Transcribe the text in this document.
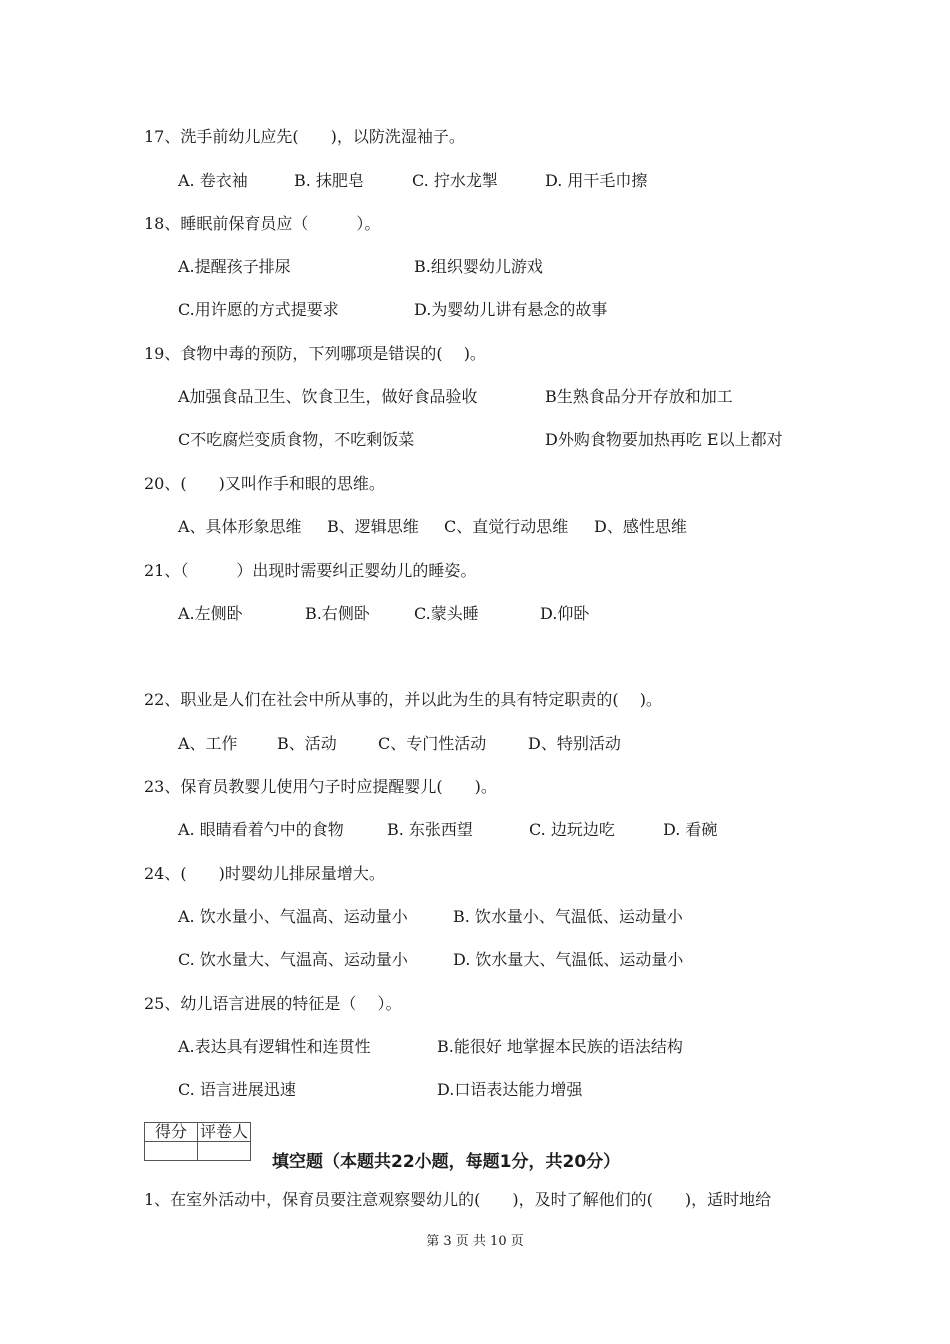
17、洗手前幼儿应先(　　)，以防洗湿袖子。
A. 卷衣袖	B. 抹肥皂	C. 拧水龙掣	D. 用干毛巾擦
18、睡眠前保育员应（　　　）。
A.提醒孩子排尿	B.组织婴幼儿游戏
C.用许愿的方式提要求	D.为婴幼儿讲有悬念的故事
19、食物中毒的预防，下列哪项是错误的(　 )。
A加强食品卫生、饮食卫生，做好食品验收	B生熟食品分开存放和加工
C不吃腐烂变质食物，不吃剩饭菜	D外购食物要加热再吃 E以上都对
20、(　　)又叫作手和眼的思维。
A、具体形象思维 B、逻辑思维 C、直觉行动思维 D、感性思维
21、（　　　）出现时需要纠正婴幼儿的睡姿。
A.左侧卧	B.右侧卧	C.蒙头睡	D.仰卧
22、职业是人们在社会中所从事的，并以此为生的具有特定职责的(　 )。
A、工作 B、活动	C、专门性活动	D、特别活动
23、保育员教婴儿使用勺子时应提醒婴儿(　　)。
A. 眼睛看着勺中的食物	B. 东张西望	C. 边玩边吃	D. 看碗
24、(　　)时婴幼儿排尿量增大。
A. 饮水量小、气温高、运动量小	B. 饮水量小、气温低、运动量小
C. 饮水量大、气温高、运动量小	D. 饮水量大、气温低、运动量小
25、幼儿语言进展的特征是（　 ）。
A.表达具有逻辑性和连贯性	B.能很好 地掌握本民族的语法结构
C. 语言进展迅速	D.口语表达能力增强
得分	评卷人

填空题（本题共22小题，每题1分，共20分）
1、在室外活动中，保育员要注意观察婴幼儿的(　　)，及时了解他们的(　　)，适时地给
第 3 页 共 10 页
